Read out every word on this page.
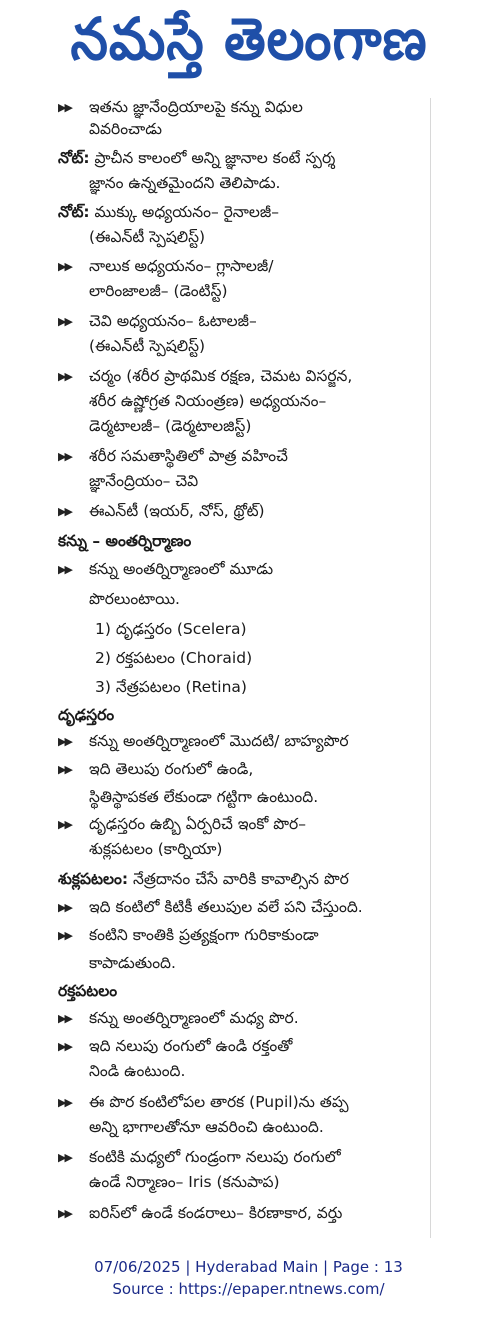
నమస్తే తెలంగాణ
▶▶ ఇతను జ్ఞానేంద్రియాలపై కన్ను విధుల
వివరించాడు
నోట్: ప్రాచీన కాలంలో అన్ని జ్ఞానాల కంటే స్పర్శ
జ్ఞానం ఉన్నతమైందని తెలిపాడు.
నోట్: ముక్కు అధ్యయనం– రైనాలజీ–
(ఈఎన్‌టీ స్పెషలిస్ట్)
▶▶ నాలుక అధ్యయనం– గ్లాసాలజీ/
లారింజాలజీ– (డెంటిస్ట్)
▶▶ చెవి అధ్యయనం– ఓటాలజీ–
(ఈఎన్‌టీ స్పెషలిస్ట్)
▶▶ చర్మం (శరీర ప్రాథమిక రక్షణ, చెమట విసర్జన,
శరీర ఉష్ణోగ్రత నియంత్రణ) అధ్యయనం–
డెర్మటాలజీ– (డెర్మటాలజిస్ట్)
▶▶ శరీర సమతాస్థితిలో పాత్ర వహించే
జ్ఞానేంద్రియం– చెవి
▶▶ ఈఎన్‌టీ (ఇయర్, నోస్, థ్రోట్)
కన్ను – అంతర్నిర్మాణం
▶▶ కన్ను అంతర్నిర్మాణంలో మూడు
పొరలుంటాయి.
1) దృఢస్తరం (Scelera)
2) రక్తపటలం (Choraid)
3) నేత్రపటలం (Retina)
దృఢస్తరం
▶▶ కన్ను అంతర్నిర్మాణంలో మొదటి/ బాహ్యపొర
▶▶ ఇది తెలుపు రంగులో ఉండి,
స్థితిస్థాపకత లేకుండా గట్టిగా ఉంటుంది.
▶▶ దృఢస్తరం ఉబ్బి ఏర్పరిచే ఇంకో పొర–
శుక్లపటలం (కార్నియా)
శుక్లపటలం: నేత్రదానం చేసే వారికి కావాల్సిన పొర
▶▶ ఇది కంటిలో కిటికీ తలుపుల వలే పని చేస్తుంది.
▶▶ కంటిని కాంతికి ప్రత్యక్షంగా గురికాకుండా
కాపాడుతుంది.
రక్తపటలం
▶▶ కన్ను అంతర్నిర్మాణంలో మధ్య పొర.
▶▶ ఇది నలుపు రంగులో ఉండి రక్తంతో
నిండి ఉంటుంది.
▶▶ ఈ పొర కంటిలోపల తారక (Pupil)ను తప్ప
అన్ని భాగాలతోనూ ఆవరించి ఉంటుంది.
▶▶ కంటికి మధ్యలో గుండ్రంగా నలుపు రంగులో
ఉండే నిర్మాణం– Iris (కనుపాప)
▶▶ ఐరిస్‌లో ఉండే కండరాలు– కిరణాకార, వర్తు
07/06/2025 | Hyderabad Main | Page : 13
Source : https://epaper.ntnews.com/
